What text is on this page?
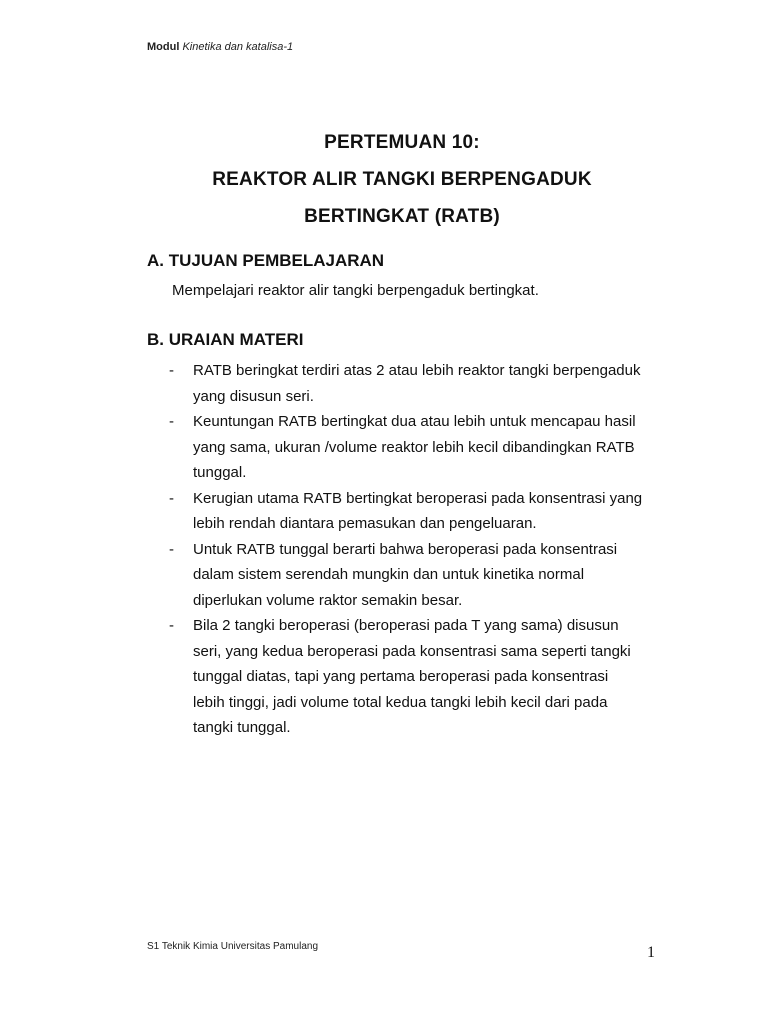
Modul Kinetika dan katalisa-1
PERTEMUAN 10:
REAKTOR ALIR TANGKI BERPENGADUK
BERTINGKAT (RATB)
A. TUJUAN PEMBELAJARAN
Mempelajari reaktor alir tangki berpengaduk bertingkat.
B. URAIAN MATERI
- RATB beringkat terdiri atas 2 atau lebih reaktor tangki berpengaduk
yang disusun seri.
- Keuntungan RATB bertingkat dua atau lebih untuk mencapau hasil
yang sama, ukuran /volume reaktor lebih kecil dibandingkan RATB
tunggal.
- Kerugian utama RATB bertingkat beroperasi pada konsentrasi yang
lebih rendah diantara pemasukan dan pengeluaran.
- Untuk RATB tunggal berarti bahwa beroperasi pada konsentrasi
dalam sistem serendah mungkin dan untuk kinetika normal
diperlukan volume raktor semakin besar.
- Bila 2 tangki beroperasi (beroperasi pada T yang sama) disusun
seri, yang kedua beroperasi pada konsentrasi sama seperti tangki
tunggal diatas, tapi yang pertama beroperasi pada konsentrasi
lebih tinggi, jadi volume total kedua tangki lebih kecil dari pada
tangki tunggal.
S1 Teknik Kimia Universitas Pamulang	1
